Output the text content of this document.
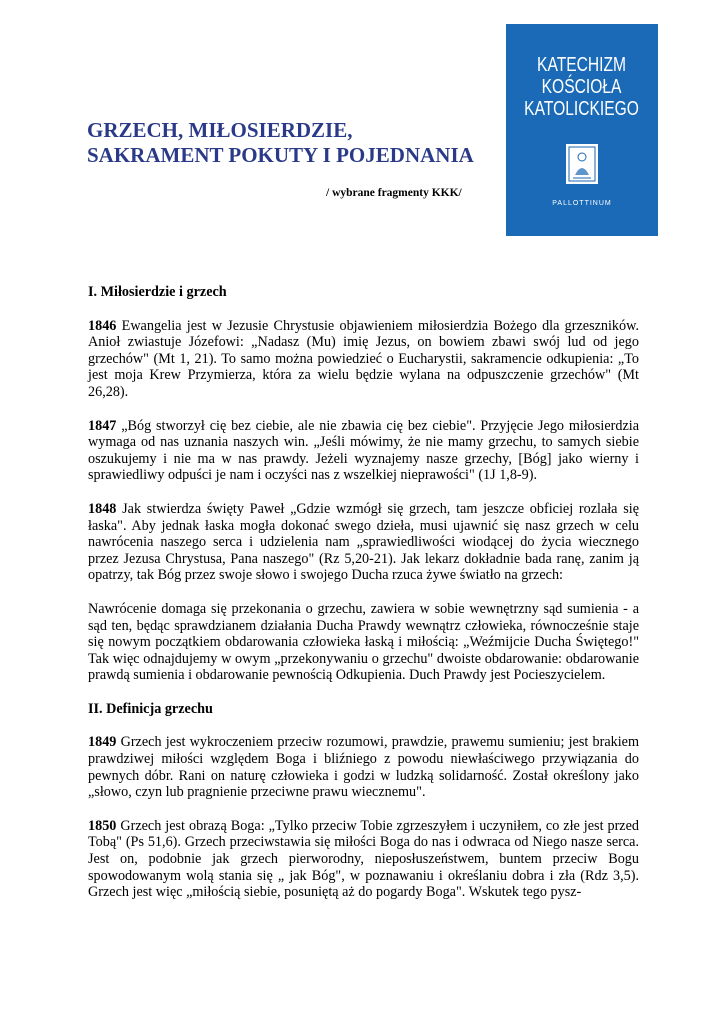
KATECHIZM
KOŚCIOŁA
KATOLICKIEGO
PALLOTTINUM
GRZECH, MIŁOSIERDZIE,
SAKRAMENT POKUTY I POJEDNANIA
/ wybrane fragmenty KKK/
I. Miłosierdzie i grzech

1846 Ewangelia jest w Jezusie Chrystusie objawieniem miłosierdzia Bożego dla grzeszników. Anioł zwiastuje Józefowi: „Nadasz (Mu) imię Jezus, on bowiem zbawi swój lud od jego grzechów" (Mt 1, 21). To samo można powiedzieć o Eucharystii, sakramencie odkupienia: „To jest moja Krew Przymierza, która za wielu będzie wylana na odpuszczenie grzechów" (Mt 26,28).

1847 „Bóg stworzył cię bez ciebie, ale nie zbawia cię bez ciebie". Przyjęcie Jego miłosierdzia wymaga od nas uznania naszych win. „Jeśli mówimy, że nie mamy grzechu, to samych siebie oszukujemy i nie ma w nas prawdy. Jeżeli wyznajemy nasze grzechy, [Bóg] jako wierny i sprawiedliwy odpuści je nam i oczyści nas z wszelkiej nieprawości" (1J 1,8-9).

1848 Jak stwierdza święty Paweł „Gdzie wzmógł się grzech, tam jeszcze obficiej rozlała się łaska". Aby jednak łaska mogła dokonać swego dzieła, musi ujawnić się nasz grzech w celu nawrócenia naszego serca i udzielenia nam „sprawiedliwości wiodącej do życia wiecznego przez Jezusa Chrystusa, Pana naszego" (Rz 5,20-21). Jak lekarz dokładnie bada ranę, zanim ją opatrzy, tak Bóg przez swoje słowo i swojego Ducha rzuca żywe światło na grzech:

Nawrócenie domaga się przekonania o grzechu, zawiera w sobie wewnętrzny sąd sumienia - a sąd ten, będąc sprawdzianem działania Ducha Prawdy wewnątrz człowieka, równocześnie staje się nowym początkiem obdarowania człowieka łaską i miłością: „Weźmijcie Ducha Świętego!" Tak więc odnajdujemy w owym „przekonywaniu o grzechu" dwoiste obdarowanie: obdarowanie prawdą sumienia i obdarowanie pewnością Odkupienia. Duch Prawdy jest Pocieszycielem.

II. Definicja grzechu

1849 Grzech jest wykroczeniem przeciw rozumowi, prawdzie, prawemu sumieniu; jest brakiem prawdziwej miłości względem Boga i bliźniego z powodu niewłaściwego przywiązania do pewnych dóbr. Rani on naturę człowieka i godzi w ludzką solidarność. Został określony jako „słowo, czyn lub pragnienie przeciwne prawu wiecznemu".

1850 Grzech jest obrazą Boga: „Tylko przeciw Tobie zgrzeszyłem i uczyniłem, co złe jest przed Tobą" (Ps 51,6). Grzech przeciwstawia się miłości Boga do nas i odwraca od Niego nasze serca. Jest on, podobnie jak grzech pierworodny, nieposłuszeństwem, buntem przeciw Bogu spowodowanym wolą stania się „ jak Bóg", w poznawaniu i określaniu dobra i zła (Rdz 3,5). Grzech jest więc „miłością siebie, posuniętą aż do pogardy Boga". Wskutek tego pysz-
